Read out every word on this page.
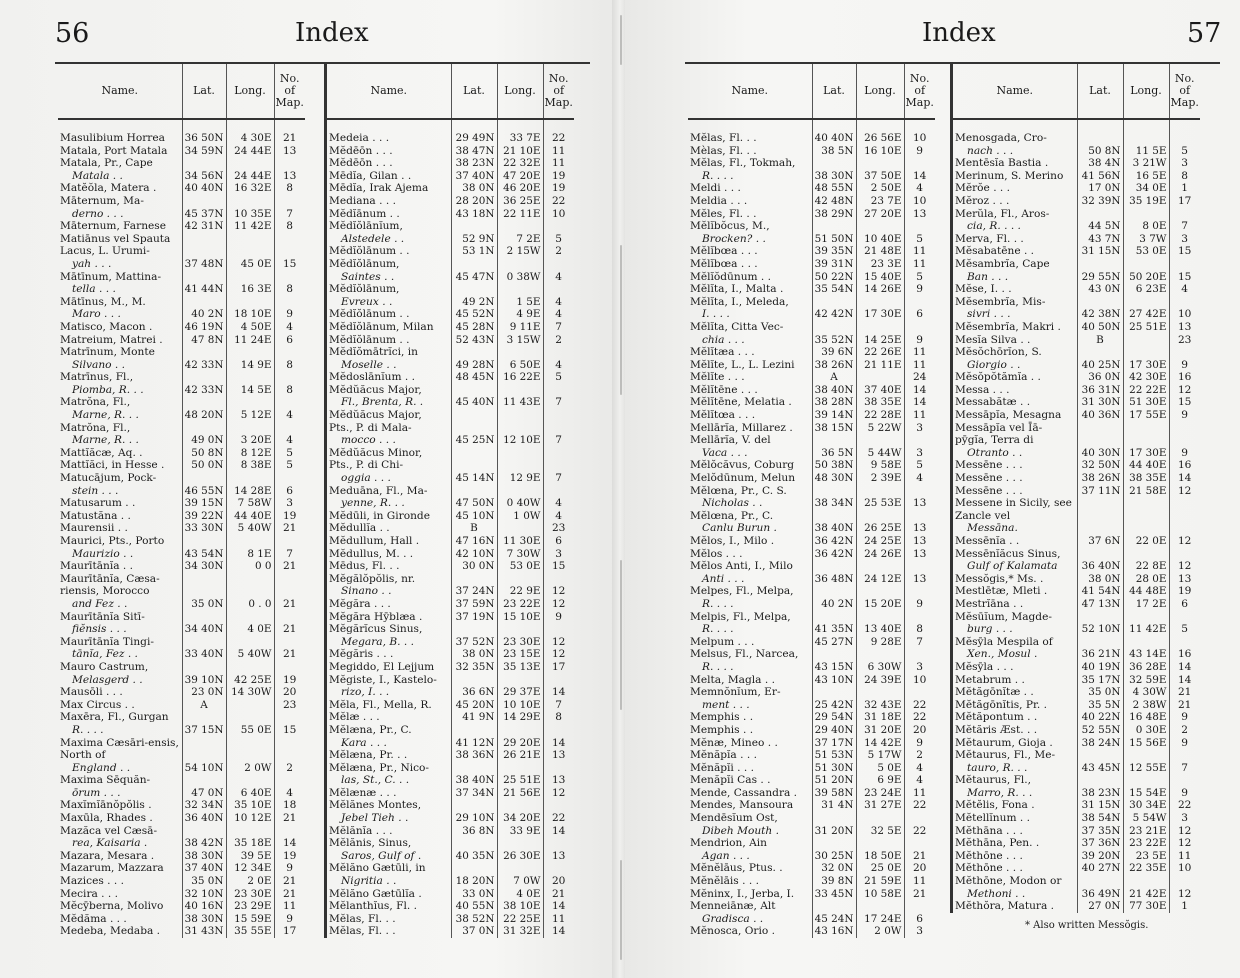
56	Index
Name.	Lat.	Long.	No. of Map.

Masulibium Horrea	36 50N	4 30E	21

Matala, Port Matala	34 59N	24 44E	13

Matala, Pr., Cape
Matala . .	34 56N	24 44E	13

Matĕŏla, Matera .	40 40N	16 32E	8

Māternum, Ma-
derno . . .	45 37N	10 35E	7

Māternum, Farnese	42 31N	11 42E	8

Matiānus vel Spauta Lacus, L. Urumi-
yah . . .	37 48N	45 0E	15

Mātīnum, Mattina-
tella . . .	41 44N	16 3E	8

Mātīnus, M., M.
Maro . . .	40 2N	18 10E	9

Matisco, Macon .	46 19N	4 50E	4

Matreium, Matrei .	47 8N	11 24E	6

Matrīnum, Monte
Silvano . .	42 33N	14 9E	8

Matrīnus, Fl.,
Piomba, R. . .	42 33N	14 5E	8

Matrŏna, Fl.,
Marne, R. . .	48 20N	5 12E	4

Matrŏna, Fl.,
Marne, R. . .	49 0N	3 20E	4

Mattĭăcæ, Aq. .	50 8N	8 12E	5

Mattĭăci, in Hesse .	50 0N	8 38E	5

Matucājum, Pock-
stein . . .	46 55N	14 28E	6

Matusarum . .	39 15N	7 58W	3

Matustăna . .	39 22N	44 40E	19

Maurensii . .	33 30N	5 40W	21

Maurici, Pts., Porto
Maurizio . .	43 54N	8 1E	7

Maurītānĭa . .	34 30N	0 0	21

Maurītānĭa, Cæsa-riensis, Morocco
and Fez . .	35 0N	0 . 0	21

Maurītānĭa Sitī-
fiĕnsis . . .	34 40N	4 0E	21

Maurītānĭa Tingi-
tānĭa, Fez . .	33 40N	5 40W	21

Mauro Castrum,
Melasgerd . .	39 10N	42 25E	19

Mausōli . . .	23 0N	14 30W	20

Max Circus . .	A		23

Maxēra, Fl., Gurgan
R. . . .	37 15N	55 0E	15

Maxima Cæsāri-ensis, North of
England . .	54 10N	2 0W	2

Maxima Sēquăn-
ōrum . . .	47 0N	6 40E	4

Maxĭmĭānŏpŏlis .	32 34N	35 10E	18

Maxūla, Rhades .	36 40N	10 12E	21

Mazăca vel Cæsā-
rea, Kaisaria .	38 42N	35 18E	14

Mazara, Mesara .	38 30N	39 5E	19

Mazarum, Mazzara	37 40N	12 34E	9

Mazices . . .	35 0N	2 0E	21

Mecira . . .	32 10N	23 30E	21

Mĕcȳberna, Molivo	40 16N	23 29E	11

Mĕdăma . . .	38 30N	15 59E	9

Medeba, Medaba .	31 43N	35 55E	17
Name.	Lat.	Long.	No. of Map.

Medeia . . .	29 49N	33 7E	22

Mĕdēōn . . .	38 47N	21 10E	11

Mĕdēōn . . .	38 23N	22 32E	11

Mēdĭa, Gilan . .	37 40N	47 20E	19

Mēdĭa, Irak Ajema	38 0N	46 20E	19

Mediana . . .	28 20N	36 25E	22

Mĕdĭānum . .	43 18N	22 11E	10

Mĕdĭŏlānĭum,
Alstedele . .	52 9N	7 2E	5

Mĕdĭŏlānum . .	53 1N	2 15W	2

Mĕdĭŏlānum,
Saintes . .	45 47N	0 38W	4

Mĕdĭŏlānum,
Evreux . .	49 2N	1 5E	4

Mĕdĭŏlānum . .	45 52N	4 9E	4

Mĕdĭŏlānum, Milan	45 28N	9 11E	7

Mĕdĭŏlānum . .	52 43N	3 15W	2

Mĕdĭŏmātrĭci, in
Moselle . .	49 28N	6 50E	4

Mĕdoslānĭum . .	48 45N	16 22E	5

Mĕdŭăcus Major,
Fl., Brenta, R. .	45 40N	11 43E	7

Mĕdŭăcus Major, Pts., P. di Mala-
mocco . . .	45 25N	12 10E	7

Mĕdŭăcus Minor, Pts., P. di Chi-
oggia . . .	45 14N	12 9E	7

Meduāna, Fl., Ma-
yenne, R. . .	47 50N	0 40W	4

Mĕdūli, in Gironde	45 10N	1 0W	4

Mĕdullĭa . .	B		23

Mĕdullum, Hall .	47 16N	11 30E	6

Mĕdullus, M. . .	42 10N	7 30W	3

Mēdus, Fl. . .	30 0N	53 0E	15

Mĕgălŏpŏlis, nr.
Sinano . .	37 24N	22 9E	12

Mĕgăra . . .	37 59N	23 22E	12

Mĕgăra Hȳblæa .	37 19N	15 10E	9

Mĕgărĭcus Sinus,
Megara, B. . .	37 52N	23 30E	12

Mĕgăris . . .	38 0N	23 15E	12

Megiddo, El Lejjum	32 35N	35 13E	17

Mĕgiste, I., Kastelo-
rizo, I. . .	36 6N	29 37E	14

Mĕla, Fl., Mella, R.	45 20N	10 10E	7

Mĕlæ . . .	41 9N	14 29E	8

Mĕlæna, Pr., C.
Kara . . .	41 12N	29 20E	14

Mĕlæna, Pr. . .	38 36N	26 21E	13

Mĕlæna, Pr., Nico-
las, St., C. . .	38 40N	25 51E	13

Mĕlænæ . . .	37 34N	21 56E	12

Mĕlănes Montes,
Jebel Tieh . .	29 10N	34 20E	22

Mĕlănĭa . . .	36 8N	33 9E	14

Mĕlănis, Sinus,
Saros, Gulf of .	40 35N	26 30E	13

Mĕlăno Gætūli, in
Nigritia . .	18 20N	7 0W	20

Mĕlăno Gætūlĭa .	33 0N	4 0E	21

Mĕlanthĭus, Fl. .	40 55N	38 10E	14

Mĕlas, Fl. . .	38 52N	22 25E	11

Mĕlas, Fl. . .	37 0N	31 32E	14
Index	57
Name.	Lat.	Long.	No. of Map.

Mĕlas, Fl. . .	40 40N	26 56E	10

Mèlas, Fl. . .	38 5N	16 10E	9

Mĕlas, Fl., Tokmah,
R. . . .	38 30N	37 50E	14

Meldi . . .	48 55N	2 50E	4

Meldia . . .	42 48N	23 7E	10

Mĕles, Fl. . .	38 29N	27 20E	13

Mĕlĭbŏcus, M.,
Brocken? . .	51 50N	10 40E	5

Mĕlĭbœa . . .	39 35N	21 48E	11

Mĕlĭbœa . . .	39 31N	23 3E	11

Mĕlĭŏdūnum . .	50 22N	15 40E	5

Mĕlĭta, I., Malta .	35 54N	14 26E	9

Mĕlĭta, I., Meleda,
I. . . .	42 42N	17 30E	6

Mĕlĭta, Citta Vec-
chia . . .	35 52N	14 25E	9

Mĕlĭtæa . . .	39 6N	22 26E	11

Mĕlĭte, L., L. Lezini	38 26N	21 11E	11

Mĕlĭte . . .	A		24

Mĕlĭtēne . . .	38 40N	37 40E	14

Mĕlĭtēne, Melatia .	38 28N	38 35E	14

Mĕlĭtœa . . .	39 14N	22 28E	11

Mellārĭa, Millarez .	38 15N	5 22W	3

Mellārĭa, V. del
Vaca . . .	36 5N	5 44W	3

Mĕlŏcăvus, Coburg	50 38N	9 58E	5

Melŏdūnum, Melun	48 30N	2 39E	4

Mĕlœna, Pr., C. S.
Nicholas . .	38 34N	25 53E	13

Mĕlœna, Pr., C.
Canlu Burun .	38 40N	26 25E	13

Mĕlos, I., Milo .	36 42N	24 25E	13

Mĕlos . . .	36 42N	24 26E	13

Mĕlos Anti, I., Milo
Anti . . .	36 48N	24 12E	13

Melpes, Fl., Melpa,
R. . . .	40 2N	15 20E	9

Melpis, Fl., Melpa,
R. . . .	41 35N	13 40E	8

Melpum . . .	45 27N	9 28E	7

Melsus, Fl., Narcea,
R. . . .	43 15N	6 30W	3

Melta, Magla . .	43 10N	24 39E	10

Memnŏnĭum, Er-
ment . . .	25 42N	32 43E	22

Memphis . .	29 54N	31 18E	22

Memphis . .	29 40N	31 20E	20

Mĕnæ, Mineo . .	37 17N	14 42E	9

Mĕnăpĭa . . .	51 53N	5 17W	2

Mĕnăpĭi . . .	51 30N	5 0E	4

Menăpĭi Cas . .	51 20N	6 9E	4

Mende, Cassandra .	39 58N	23 24E	11

Mendes, Mansoura	31 4N	31 27E	22

Mendēsĭum Ost,
Dibeh Mouth .	31 20N	32 5E	22

Mendrion, Ain
Agan . . .	30 25N	18 50E	21

Mĕnĕlāus, Ptus. .	32 0N	25 0E	20

Mĕnĕlāis . . .	39 8N	21 59E	11

Mĕninx, I., Jerba, I.	33 45N	10 58E	21

Menneiānæ, Alt
Gradisca . .	45 24N	17 24E	6

Mĕnosca, Orio .	43 16N	2 0W	3
Name.	Lat.	Long.	No. of Map.

Menosgada, Cro-
nach . . .	50 8N	11 5E	5

Mentēsĭa Bastia .	38 4N	3 21W	3

Merinum, S. Merino	41 56N	16 5E	8

Mĕrŏe . . .	17 0N	34 0E	1

Mĕroz . . .	32 39N	35 19E	17

Merŭla, Fl., Aros-
cia, R. . . .	44 5N	8 0E	7

Merva, Fl. . .	43 7N	3 7W	3

Mĕsabatēne . .	31 15N	53 0E	15

Mĕsambrĭa, Cape
Ban . . .	29 55N	50 20E	15

Mĕse, I. . .	43 0N	6 23E	4

Mĕsembrĭa, Mis-
sivri . . .	42 38N	27 42E	10

Mĕsembrĭa, Makri .	40 50N	25 51E	13

Mesĭa Silva . .	B		23

Mĕsŏchōrĭon, S.
Giorgio . .	40 25N	17 30E	9

Mĕsŏpŏtămĭa . .	36 0N	42 30E	16

Messa . . .	36 31N	22 22E	12

Messabătæ . .	31 30N	51 30E	15

Messāpĭa, Mesagna	40 36N	17 55E	9

Messāpĭa vel Īā-pȳgĭa, Terra di
Otranto . .	40 30N	17 30E	9

Messēne . . .	32 50N	44 40E	16

Messēne . . .	38 26N	38 35E	14

Messēne . . .	37 11N	21 58E	12

Messene in Sicily, see Zancle vel
Messāna.			

Messēnĭa . .	37 6N	22 0E	12

Messēnĭăcus Sinus,
Gulf of Kalamata	36 40N	22 8E	12

Messŏgis,* Ms. .	38 0N	28 0E	13

Mestlētæ, Mleti .	41 54N	44 48E	19

Mestrĭāna . .	47 13N	17 2E	6

Mĕsūĭum, Magde-
burg . . .	52 10N	11 42E	5

Mĕsȳla Mespila of
Xen., Mosul .	36 21N	43 14E	16

Mĕsȳla . . .	40 19N	36 28E	14

Metabrum . .	35 17N	32 59E	14

Mĕtăgōnĭtæ . .	35 0N	4 30W	21

Mĕtăgōnĭtis, Pr. .	35 5N	2 38W	21

Mĕtăpontum . .	40 22N	16 48E	9

Mĕtăris Æst. . .	52 55N	0 30E	2

Mĕtaurum, Gioja .	38 24N	15 56E	9

Mĕtaurus, Fl., Me-
tauro, R. . .	43 45N	12 55E	7

Mĕtaurus, Fl.,
Marro, R. . .	38 23N	15 54E	9

Mĕtĕlis, Fona .	31 15N	30 34E	22

Mĕtellĭnum . .	38 54N	5 54W	3

Mĕthāna . . .	37 35N	23 21E	12

Mĕthāna, Pen. .	37 36N	23 22E	12

Mĕthōne . . .	39 20N	23 5E	11

Mĕthōne . . .	40 27N	22 35E	10

Mĕthōne, Modon or
Methoni . .	36 49N	21 42E	12

Mĕthŏra, Matura .	27 0N	77 30E	1
* Also written Messŏgis.
